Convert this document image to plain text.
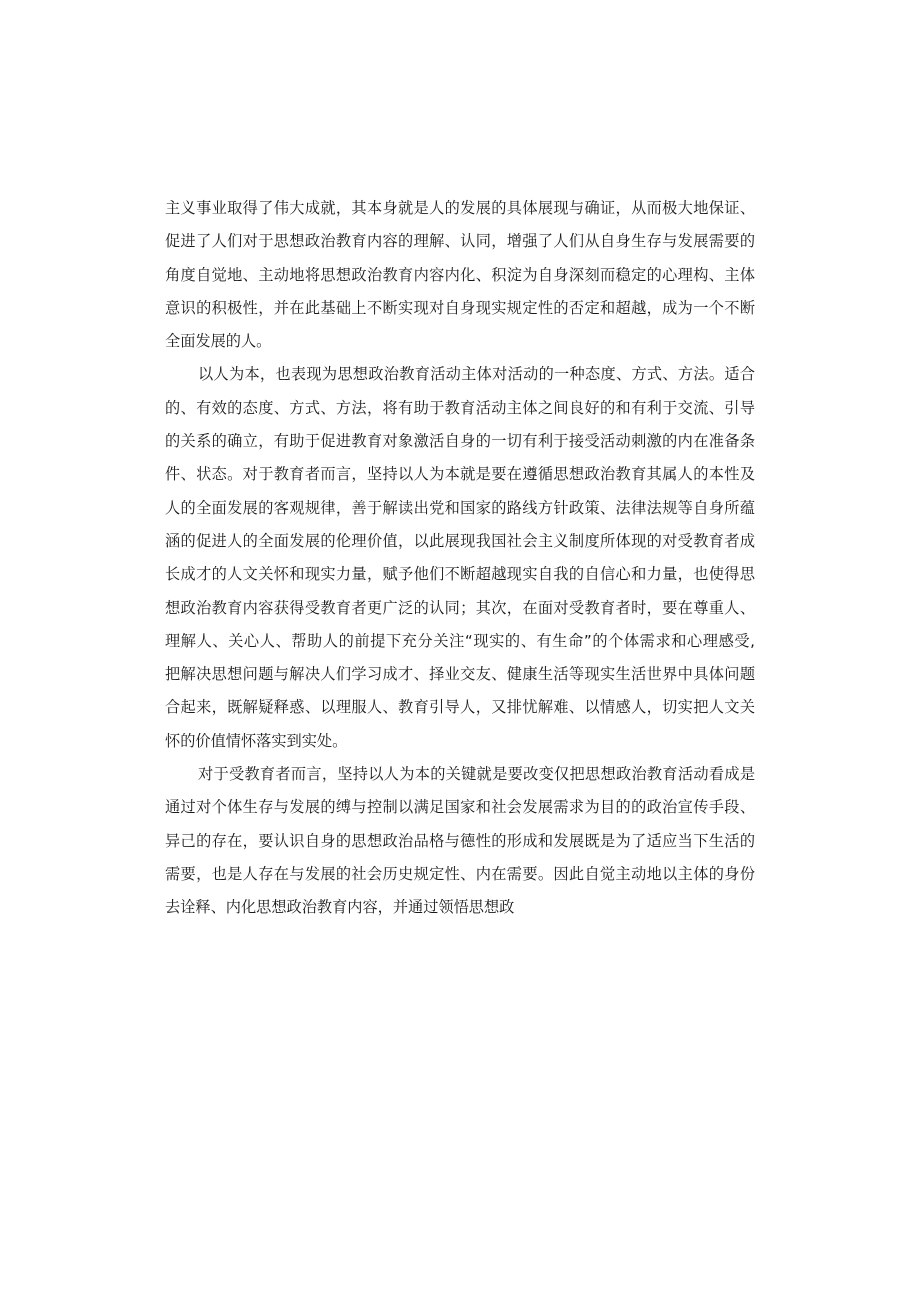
主义事业取得了伟大成就，其本身就是人的发展的具体展现与确证，从而极大地保证、
促进了人们对于思想政治教育内容的理解、认同，增强了人们从自身生存与发展需要的
角度自觉地、主动地将思想政治教育内容内化、积淀为自身深刻而稳定的心理构、主体
意识的积极性，并在此基础上不断实现对自身现实规定性的否定和超越，成为一个不断
全面发展的人。
以人为本，也表现为思想政治教育活动主体对活动的一种态度、方式、方法。适合
的、有效的态度、方式、方法，将有助于教育活动主体之间良好的和有利于交流、引导
的关系的确立，有助于促进教育对象激活自身的一切有利于接受活动刺激的内在准备条
件、状态。对于教育者而言，坚持以人为本就是要在遵循思想政治教育其属人的本性及
人的全面发展的客观规律，善于解读出党和国家的路线方针政策、法律法规等自身所蕴
涵的促进人的全面发展的伦理价值，以此展现我国社会主义制度所体现的对受教育者成
长成才的人文关怀和现实力量，赋予他们不断超越现实自我的自信心和力量，也使得思
想政治教育内容获得受教育者更广泛的认同；其次，在面对受教育者时，要在尊重人、
理解人、关心人、帮助人的前提下充分关注“现实的、有生命”的个体需求和心理感受,
把解决思想问题与解决人们学习成才、择业交友、健康生活等现实生活世界中具体问题
合起来，既解疑释惑、以理服人、教育引导人，又排忧解难、以情感人，切实把人文关
怀的价值情怀落实到实处。
对于受教育者而言，坚持以人为本的关键就是要改变仅把思想政治教育活动看成是
通过对个体生存与发展的缚与控制以满足国家和社会发展需求为目的的政治宣传手段、
异己的存在，要认识自身的思想政治品格与德性的形成和发展既是为了适应当下生活的
需要，也是人存在与发展的社会历史规定性、内在需要。因此自觉主动地以主体的身份
去诠释、内化思想政治教育内容，并通过领悟思想政
